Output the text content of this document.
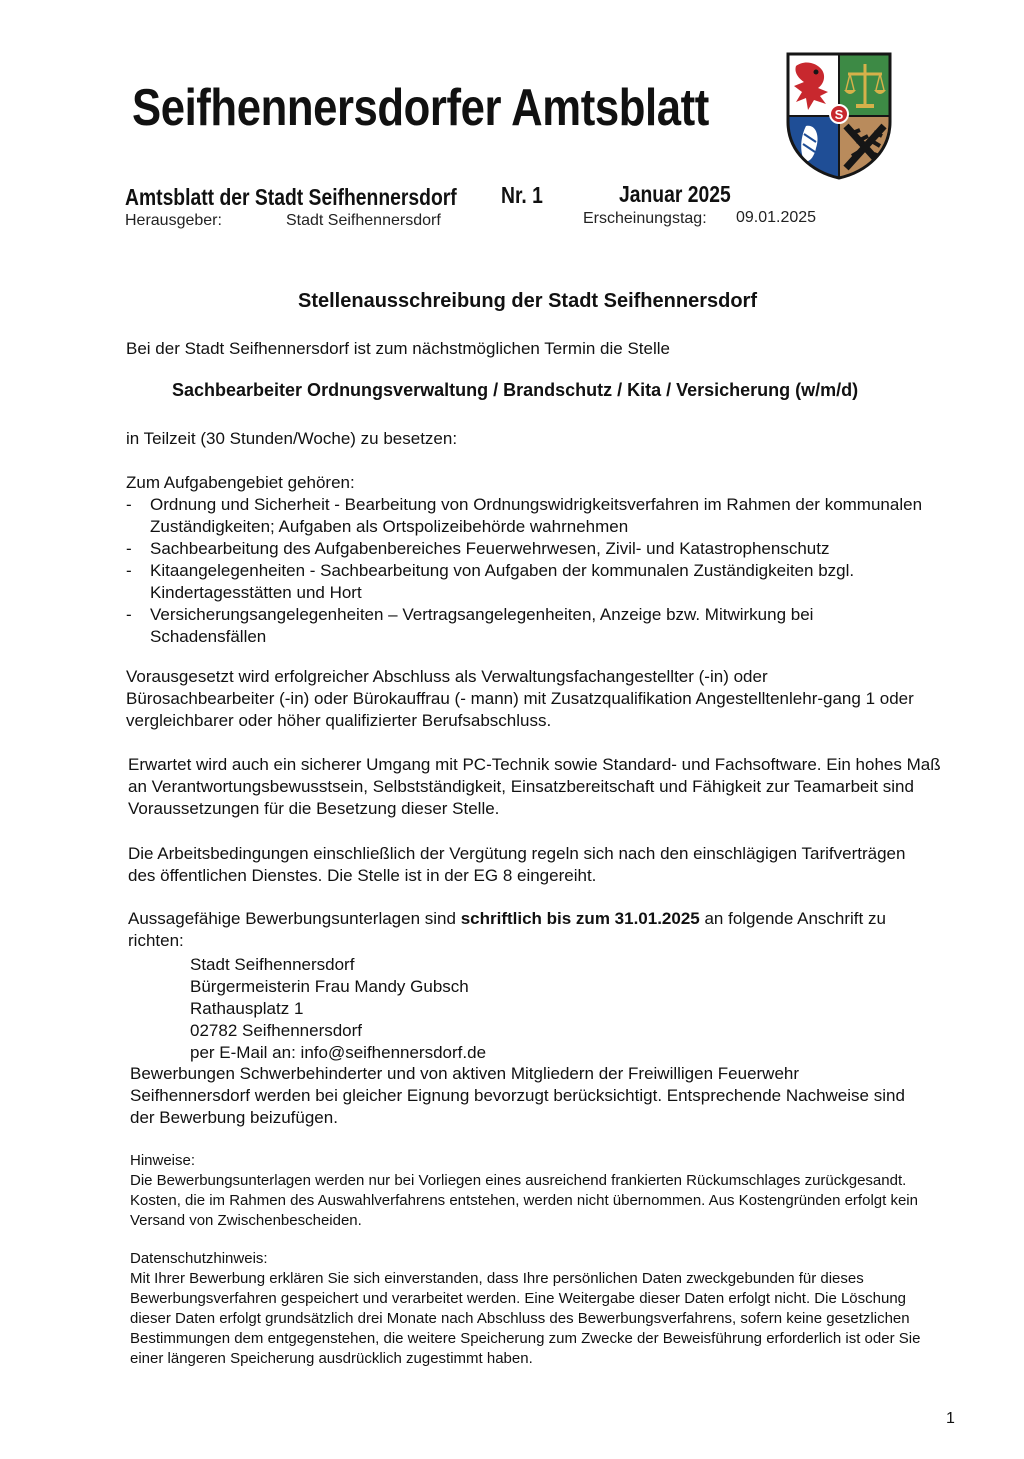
Seifhennersdorfer Amtsblatt	S
Amtsblatt der Stadt Seifhennersdorf Nr. 1	Januar 2025
Herausgeber:	Stadt Seifhennersdorf	Erscheinungstag: 09.01.2025
Stellenausschreibung der Stadt Seifhennersdorf
Bei der Stadt Seifhennersdorf ist zum nächstmöglichen Termin die Stelle
Sachbearbeiter Ordnungsverwaltung / Brandschutz / Kita / Versicherung (w/m/d)
in Teilzeit (30 Stunden/Woche) zu besetzen:
Zum Aufgabengebiet gehören:
- Ordnung und Sicherheit - Bearbeitung von Ordnungswidrigkeitsverfahren im Rahmen der kommunalen Zuständigkeiten; Aufgaben als Ortspolizeibehörde wahrnehmen
- Sachbearbeitung des Aufgabenbereiches Feuerwehrwesen, Zivil- und Katastrophenschutz
- Kitaangelegenheiten - Sachbearbeitung von Aufgaben der kommunalen Zuständigkeiten bzgl. Kindertagesstätten und Hort
- Versicherungsangelegenheiten – Vertragsangelegenheiten, Anzeige bzw. Mitwirkung bei Schadensfällen
Vorausgesetzt wird erfolgreicher Abschluss als Verwaltungsfachangestellter (-in) oder Bürosachbearbeiter (-in) oder Bürokauffrau (- mann) mit Zusatzqualifikation Angestelltenlehr-gang 1 oder vergleichbarer oder höher qualifizierter Berufsabschluss.
Erwartet wird auch ein sicherer Umgang mit PC-Technik sowie Standard- und Fachsoftware. Ein hohes Maß an Verantwortungsbewusstsein, Selbstständigkeit, Einsatzbereitschaft und Fähigkeit zur Teamarbeit sind Voraussetzungen für die Besetzung dieser Stelle.
Die Arbeitsbedingungen einschließlich der Vergütung regeln sich nach den einschlägigen Tarifverträgen des öffentlichen Dienstes. Die Stelle ist in der EG 8 eingereiht.
Aussagefähige Bewerbungsunterlagen sind schriftlich bis zum 31.01.2025 an folgende Anschrift zu richten:
Stadt Seifhennersdorf
Bürgermeisterin Frau Mandy Gubsch
Rathausplatz 1
02782 Seifhennersdorf
per E-Mail an: info@seifhennersdorf.de
Bewerbungen Schwerbehinderter und von aktiven Mitgliedern der Freiwilligen Feuerwehr Seifhennersdorf werden bei gleicher Eignung bevorzugt berücksichtigt. Entsprechende Nachweise sind der Bewerbung beizufügen.
Hinweise:
Die Bewerbungsunterlagen werden nur bei Vorliegen eines ausreichend frankierten Rückumschlages zurückgesandt. Kosten, die im Rahmen des Auswahlverfahrens entstehen, werden nicht übernommen. Aus Kostengründen erfolgt kein Versand von Zwischenbescheiden.
Datenschutzhinweis:
Mit Ihrer Bewerbung erklären Sie sich einverstanden, dass Ihre persönlichen Daten zweckgebunden für dieses Bewerbungsverfahren gespeichert und verarbeitet werden. Eine Weitergabe dieser Daten erfolgt nicht. Die Löschung dieser Daten erfolgt grundsätzlich drei Monate nach Abschluss des Bewerbungsverfahrens, sofern keine gesetzlichen Bestimmungen dem entgegenstehen, die weitere Speicherung zum Zwecke der Beweisführung erforderlich ist oder Sie einer längeren Speicherung ausdrücklich zugestimmt haben.
1
